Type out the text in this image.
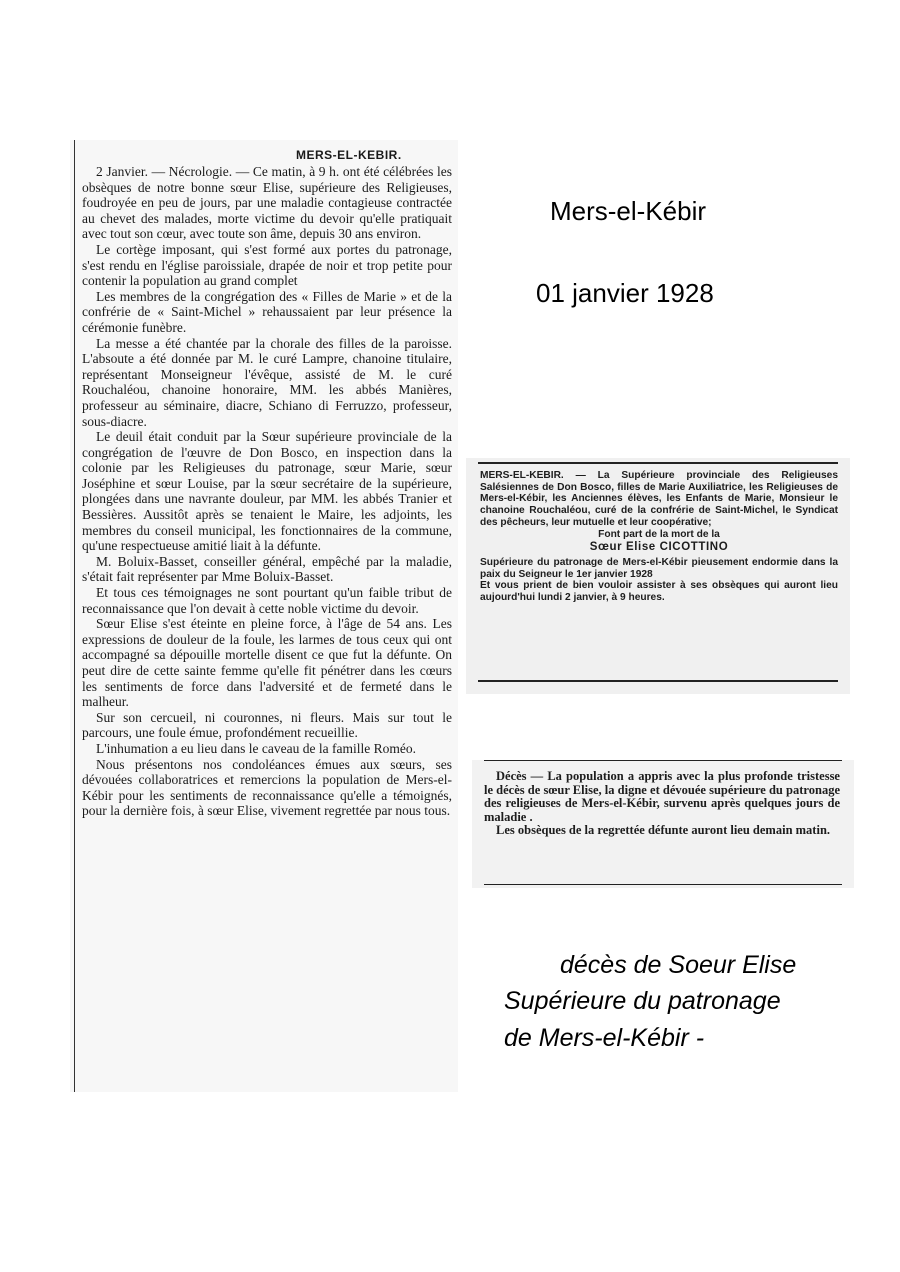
MERS-EL-KEBIR.

2 Janvier. — Nécrologie. — Ce matin, à 9 h. ont été célébrées les obsèques de notre bonne sœur Elise, supérieure des Religieuses, foudroyée en peu de jours, par une maladie contagieuse contractée au chevet des malades, morte victime du devoir qu'elle pratiquait avec tout son cœur, avec toute son âme, depuis 30 ans environ.

Le cortège imposant, qui s'est formé aux portes du patronage, s'est rendu en l'église paroissiale, drapée de noir et trop petite pour contenir la population au grand complet

Les membres de la congrégation des « Filles de Marie » et de la confrérie de « Saint-Michel » rehaussaient par leur présence la cérémonie funèbre.

La messe a été chantée par la chorale des filles de la paroisse. L'absoute a été donnée par M. le curé Lampre, chanoine titulaire, représentant Monseigneur l'évêque, assisté de M. le curé Rouchaléou, chanoine honoraire, MM. les abbés Manières, professeur au séminaire, diacre, Schiano di Ferruzzo, professeur, sous-diacre.

Le deuil était conduit par la Sœur supérieure provinciale de la congrégation de l'œuvre de Don Bosco, en inspection dans la colonie par les Religieuses du patronage, sœur Marie, sœur Joséphine et sœur Louise, par la sœur secrétaire de la supérieure, plongées dans une navrante douleur, par MM. les abbés Tranier et Bessières. Aussitôt après se tenaient le Maire, les adjoints, les membres du conseil municipal, les fonctionnaires de la commune, qu'une respectueuse amitié liait à la défunte.

M. Boluix-Basset, conseiller général, empêché par la maladie, s'était fait représenter par Mme Boluix-Basset.

Et tous ces témoignages ne sont pourtant qu'un faible tribut de reconnaissance que l'on devait à cette noble victime du devoir.

Sœur Elise s'est éteinte en pleine force, à l'âge de 54 ans. Les expressions de douleur de la foule, les larmes de tous ceux qui ont accompagné sa dépouille mortelle disent ce que fut la défunte. On peut dire de cette sainte femme qu'elle fit pénétrer dans les cœurs les sentiments de force dans l'adversité et de fermeté dans le malheur.

Sur son cercueil, ni couronnes, ni fleurs. Mais sur tout le parcours, une foule émue, profondément recueillie.

L'inhumation a eu lieu dans le caveau de la famille Roméo.

Nous présentons nos condoléances émues aux sœurs, ses dévouées collaboratrices et remercions la population de Mers-el-Kébir pour les sentiments de reconnaissance qu'elle a témoignés, pour la dernière fois, à sœur Elise, vivement regrettée par nous tous.

Mers-el-Kébir
01 janvier 1928

MERS-EL-KEBIR. — La Supérieure provinciale des Religieuses Salésiennes de Don Bosco, filles de Marie Auxiliatrice, les Religieuses de Mers-el-Kébir, les Anciennes élèves, les Enfants de Marie, Monsieur le chanoine Rouchaléou, curé de la confrérie de Saint-Michel, le Syndicat des pêcheurs, leur mutuelle et leur coopérative;

Font part de la mort de la

Sœur Elise CICOTTINO

Supérieure du patronage de Mers-el-Kébir pieusement endormie dans la paix du Seigneur le 1er janvier 1928

Et vous prient de bien vouloir assister à ses obsèques qui auront lieu aujourd'hui lundi 2 janvier, à 9 heures.

Décès — La population a appris avec la plus profonde tristesse le décès de sœur Elise, la digne et dévouée supérieure du patronage des religieuses de Mers-el-Kébir, survenu après quelques jours de maladie .

Les obsèques de la regrettée défunte auront lieu demain matin.

décès de Soeur Elise
Supérieure du patronage
de Mers-el-Kébir -
